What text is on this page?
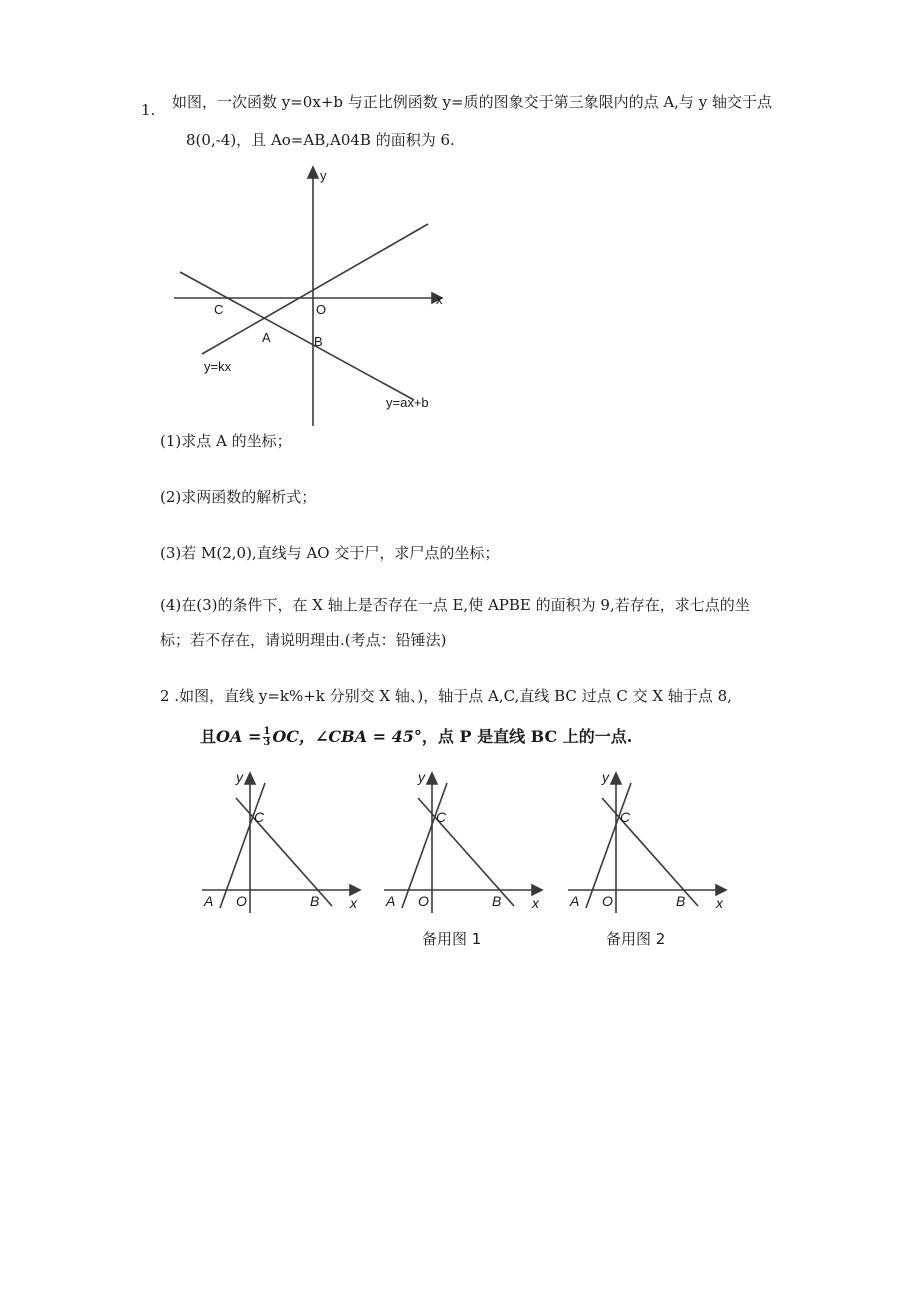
1. 如图，一次函数 y=0x+b 与正比例函数 y=质的图象交于第三象限内的点 A,与 y 轴交于点
8(0,-4)，且 Ao=AB,A04B 的面积为 6.
y
x
O
C
A	B
y=kx
y=ax+b
(1)求点 A 的坐标；
(2)求两函数的解析式；
(3)若 M(2,0),直线与 AO 交于尸，求尸点的坐标；
(4)在(3)的条件下，在 X 轴上是否存在一点 E,使 APBE 的面积为 9,若存在，求七点的坐
标；若不存在，请说明理由.(考点：铅锤法)
2 .如图，直线 y=k%+k 分别交 X 轴、)，轴于点 A,C,直线 BC 过点 C 交 X 轴于点 8,
且OA = $\frac{1}{3}$ OC，∠CBA = 45°，点 P 是直线 BC 上的一点.
y
C
A O	B x
y
C
A O	B x
备用图 1
y
C
A O	B x
备用图 2
